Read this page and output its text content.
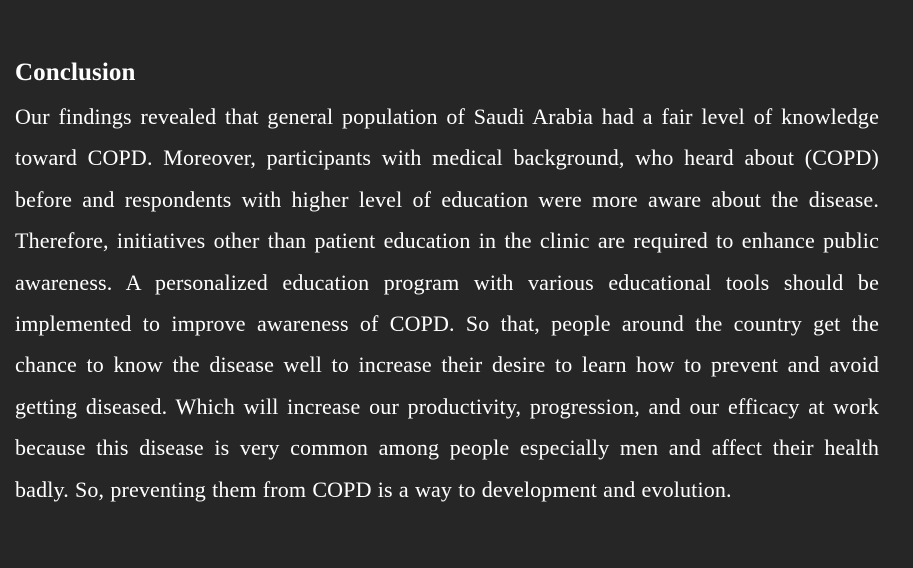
Conclusion

Our findings revealed that general population of Saudi Arabia had a fair level of knowledge toward COPD. Moreover, participants with medical background, who heard about (COPD) before and respondents with higher level of education were more aware about the disease. Therefore, initiatives other than patient education in the clinic are required to enhance public awareness. A personalized education program with various educational tools should be implemented to improve awareness of COPD. So that, people around the country get the chance to know the disease well to increase their desire to learn how to prevent and avoid getting diseased. Which will increase our productivity, progression, and our efficacy at work because this disease is very common among people especially men and affect their health badly. So, preventing them from COPD is a way to development and evolution.
